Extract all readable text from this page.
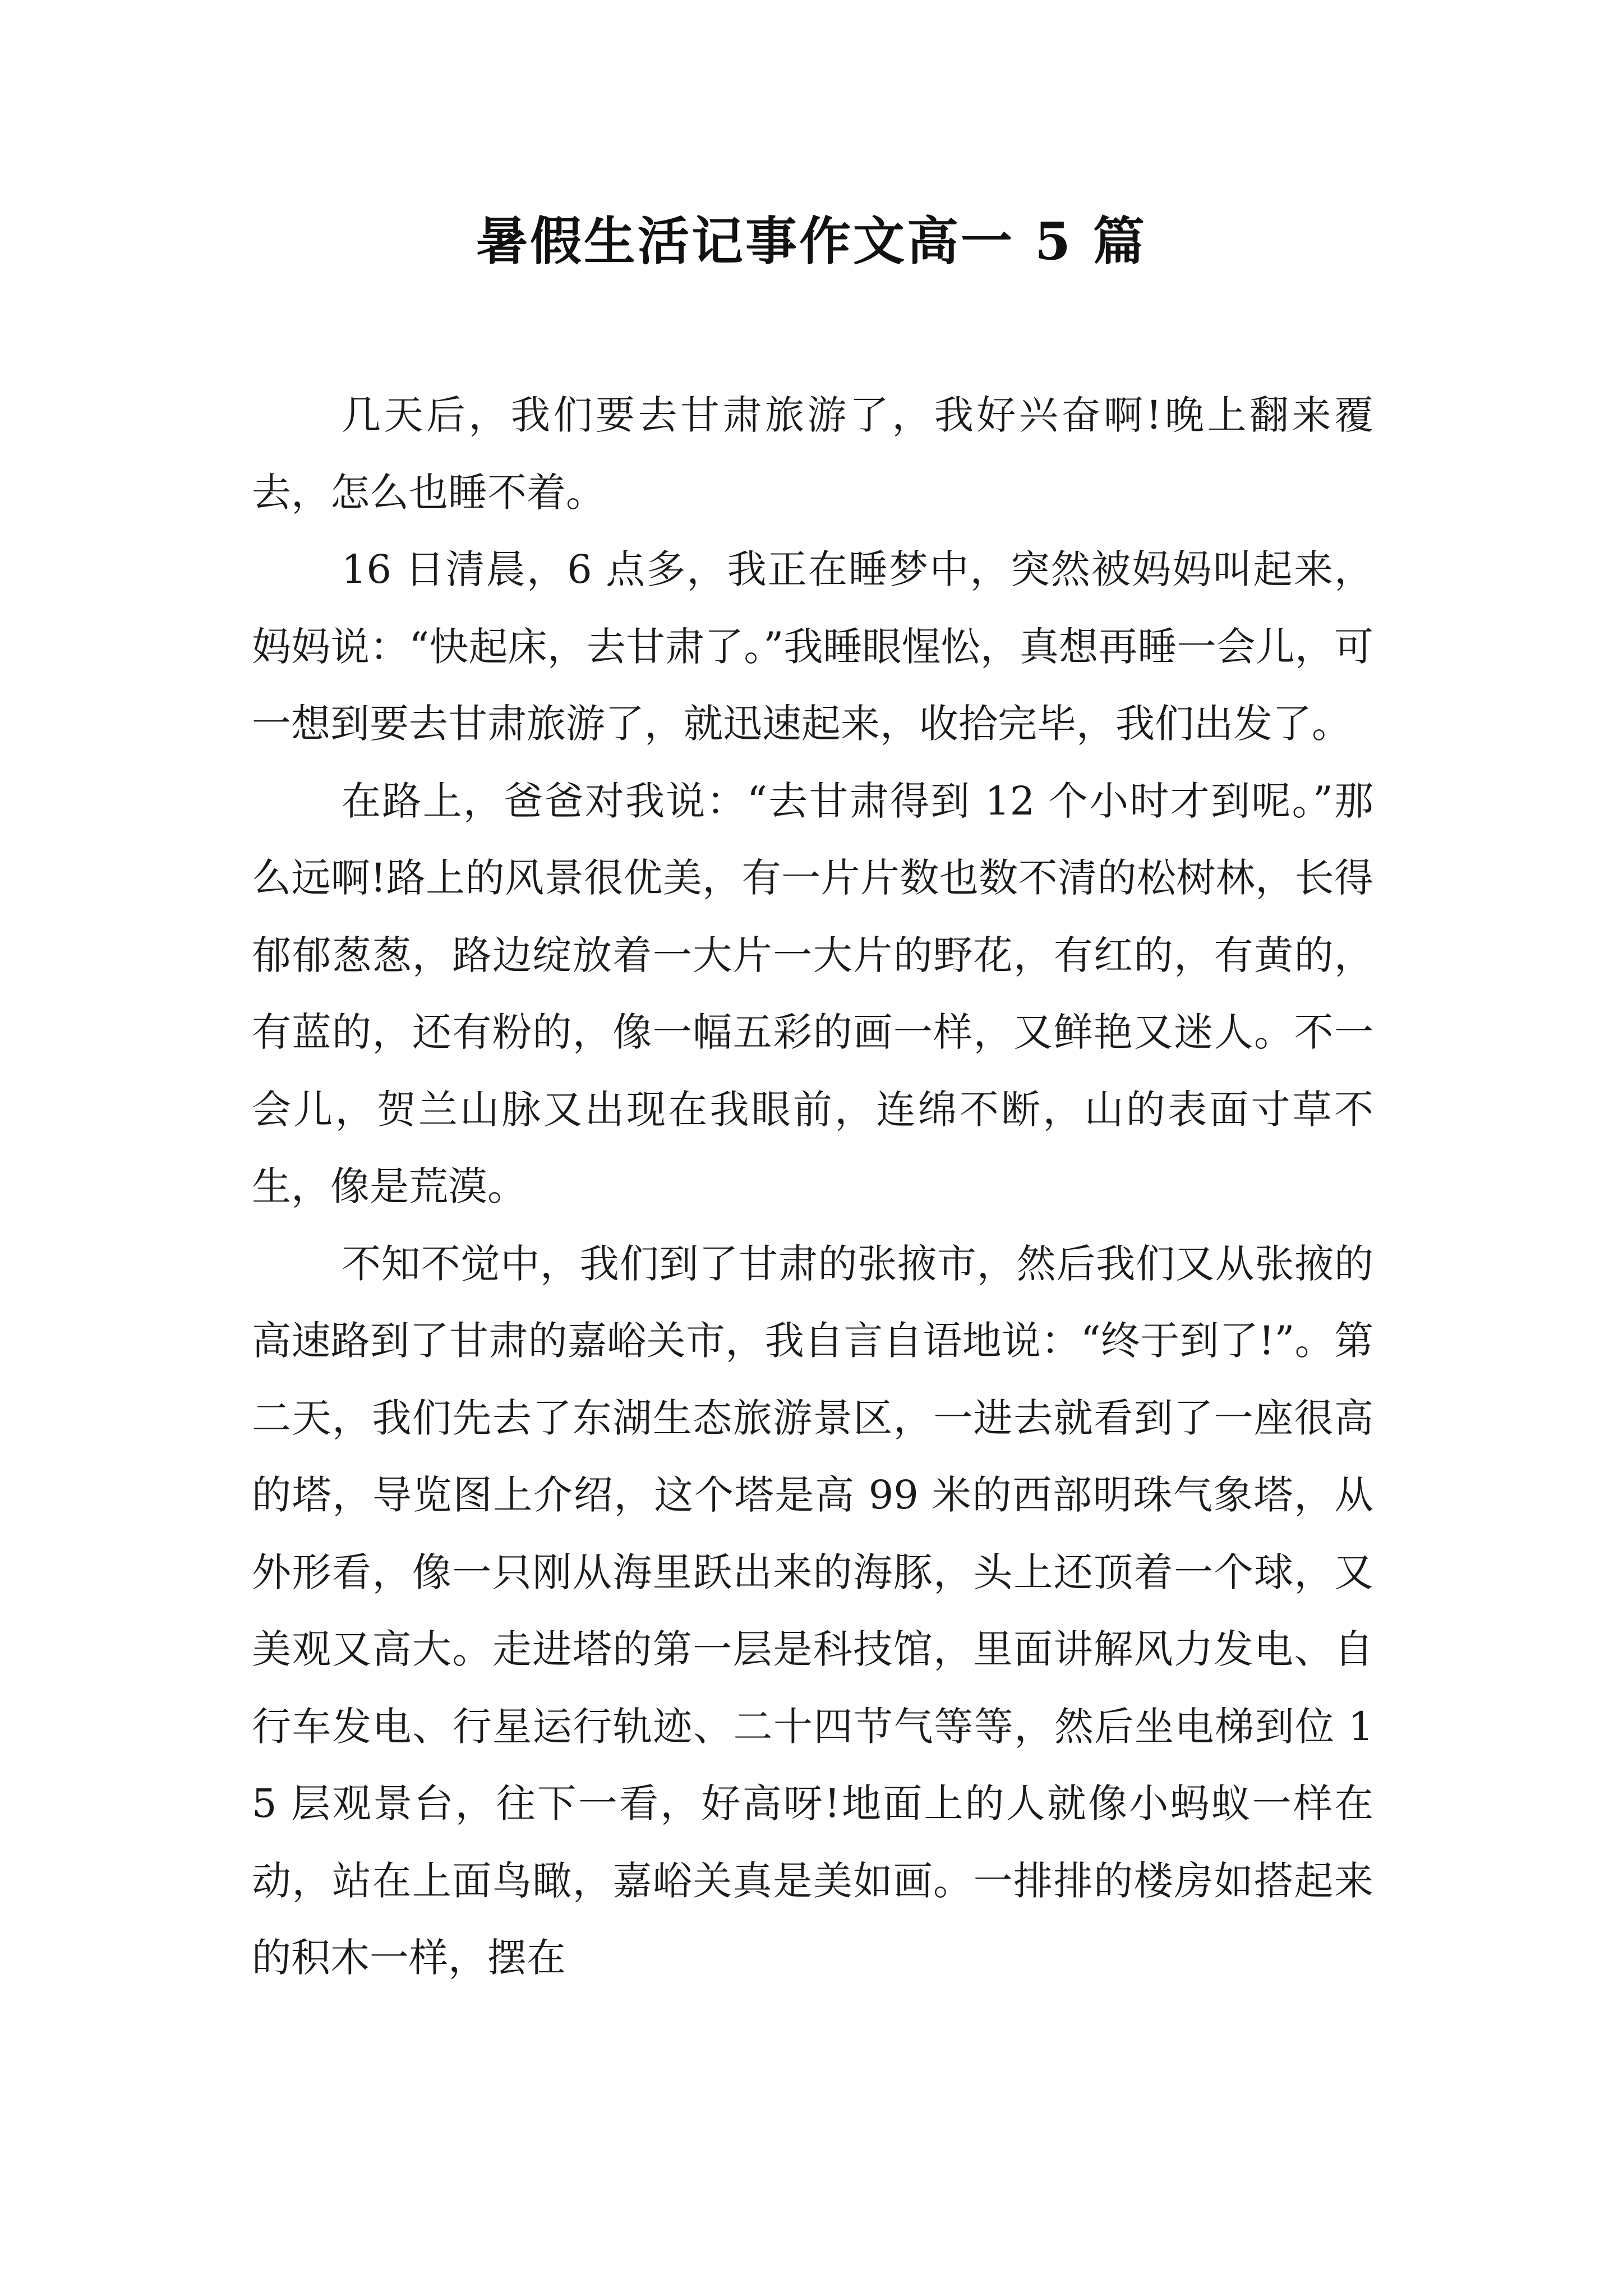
暑假生活记事作文高一 5 篇

几天后，我们要去甘肃旅游了，我好兴奋啊!晚上翻来覆去，怎么也睡不着。

16 日清晨，6 点多，我正在睡梦中，突然被妈妈叫起来，妈妈说：“快起床，去甘肃了。”我睡眼惺忪，真想再睡一会儿，可一想到要去甘肃旅游了，就迅速起来，收拾完毕，我们出发了。

在路上，爸爸对我说：“去甘肃得到 12 个小时才到呢。”那么远啊!路上的风景很优美，有一片片数也数不清的松树林，长得郁郁葱葱，路边绽放着一大片一大片的野花，有红的，有黄的，有蓝的，还有粉的，像一幅五彩的画一样，又鲜艳又迷人。不一会儿，贺兰山脉又出现在我眼前，连绵不断，山的表面寸草不生，像是荒漠。

不知不觉中，我们到了甘肃的张掖市，然后我们又从张掖的高速路到了甘肃的嘉峪关市，我自言自语地说：“终于到了!”。第二天，我们先去了东湖生态旅游景区，一进去就看到了一座很高的塔，导览图上介绍，这个塔是高 99 米的西部明珠气象塔，从外形看，像一只刚从海里跃出来的海豚，头上还顶着一个球，又美观又高大。走进塔的第一层是科技馆，里面讲解风力发电、自行车发电、行星运行轨迹、二十四节气等等，然后坐电梯到位 15 层观景台，往下一看，好高呀!地面上的人就像小蚂蚁一样在动，站在上面鸟瞰，嘉峪关真是美如画。一排排的楼房如搭起来的积木一样，摆在
